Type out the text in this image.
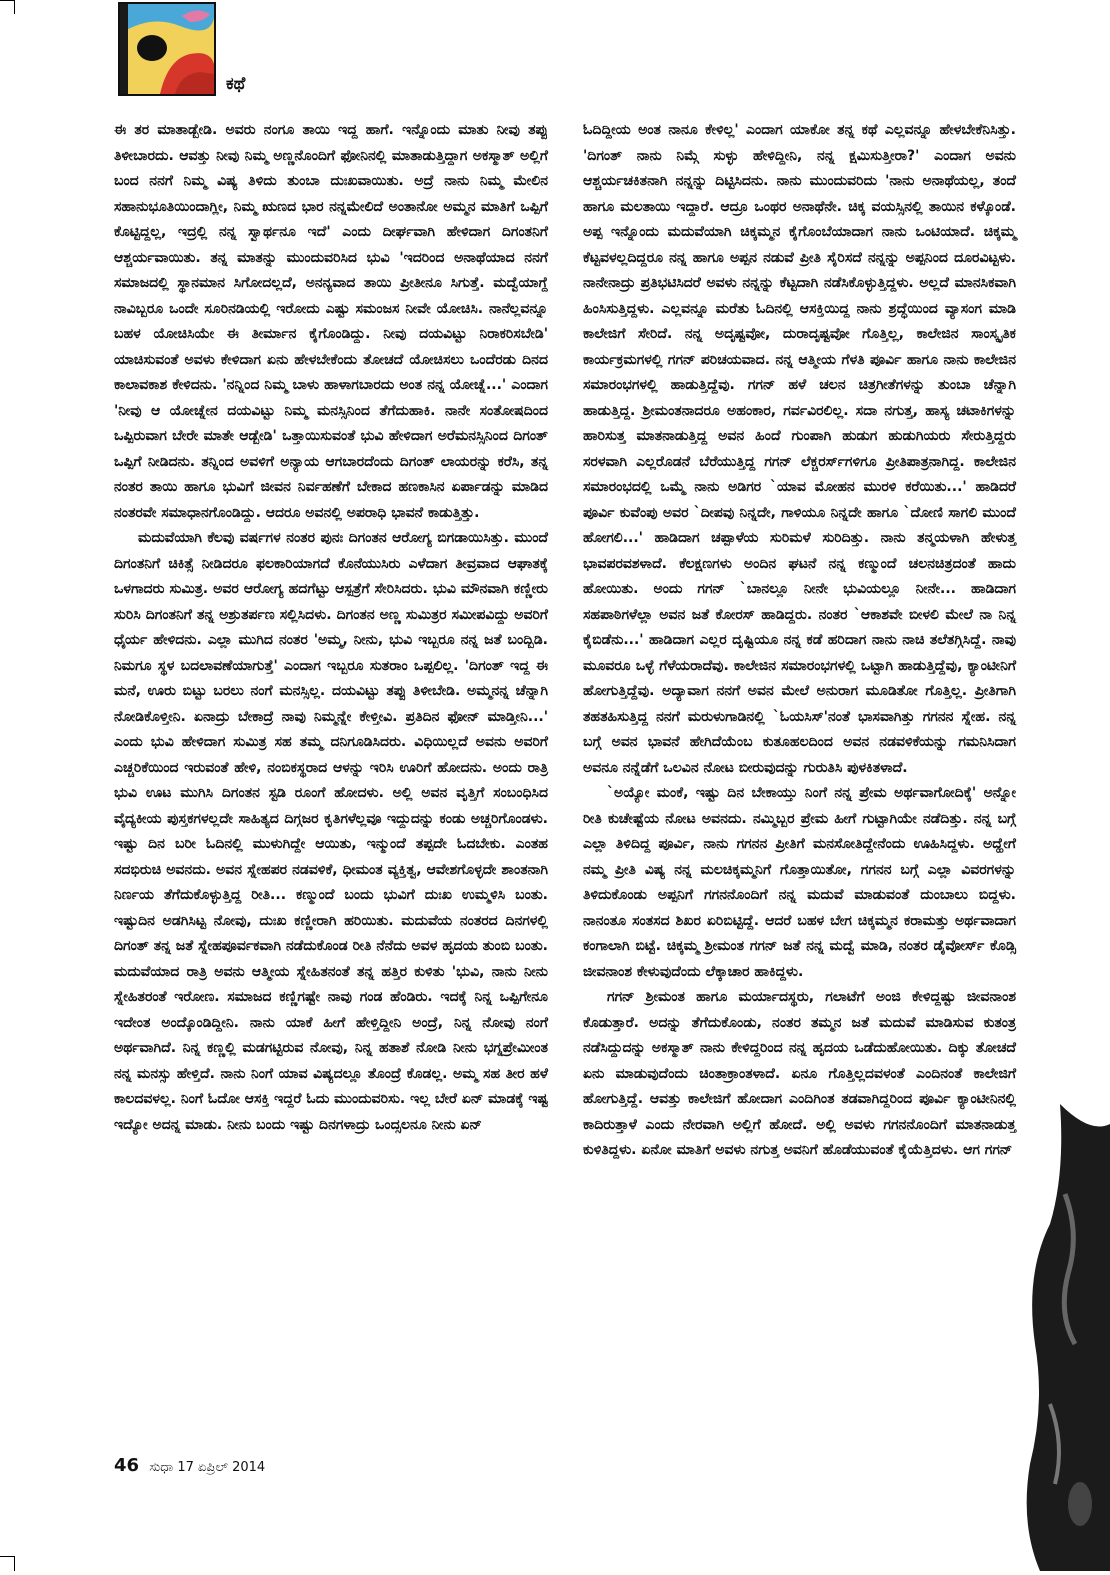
ಕಥೆ

ಈ ತರ ಮಾತಾಡ್ಬೇಡಿ. ಅವರು ನಂಗೂ ತಾಯಿ ಇದ್ದ ಹಾಗೆ. ಇನ್ನೊಂದು ಮಾತು ನೀವು ತಪ್ಪು ತಿಳೀಬಾರದು. ಆವತ್ತು ನೀವು ನಿಮ್ಮ ಅಣ್ಣನೊಂದಿಗೆ ಫೋನಿನಲ್ಲಿ ಮಾತಾಡುತ್ತಿದ್ದಾಗ ಅಕಸ್ಮಾತ್ ಅಲ್ಲಿಗೆ ಬಂದ ನನಗೆ ನಿಮ್ಮ ವಿಷ್ಯ ತಿಳಿದು ತುಂಬಾ ದುಃಖವಾಯಿತು. ಅದ್ರೆ ನಾನು ನಿಮ್ಮ ಮೇಲಿನ ಸಹಾನುಭೂತಿಯಿಂದಾಗ್ಲೀ, ನಿಮ್ಮ ಋಣದ ಭಾರ ನನ್ನಮೇಲಿದೆ ಅಂತಾನೋ ಅಮ್ಮನ ಮಾತಿಗೆ ಒಪ್ಪಿಗೆ ಕೊಟ್ಟಿದ್ದಲ್ಲ, ಇದ್ರಲ್ಲಿ ನನ್ನ ಸ್ವಾರ್ಥನೂ ಇದೆ' ಎಂದು ದೀರ್ಘವಾಗಿ ಹೇಳಿದಾಗ ದಿಗಂತನಿಗೆ ಆಶ್ಚರ್ಯವಾಯಿತು. ತನ್ನ ಮಾತನ್ನು ಮುಂದುವರಿಸಿದ ಭುವಿ 'ಇದರಿಂದ ಅನಾಥೆಯಾದ ನನಗೆ ಸಮಾಜದಲ್ಲಿ ಸ್ಥಾನಮಾನ ಸಿಗೋದಲ್ಲದೆ, ಅನನ್ಯವಾದ ತಾಯಿ ಪ್ರೀತೀನೂ ಸಿಗುತ್ತೆ. ಮದ್ವೆಯಾಗ್ದೆ ನಾವಿಬ್ಬರೂ ಒಂದೇ ಸೂರಿನಡಿಯಲ್ಲಿ ಇರೋದು ಎಷ್ಟು ಸಮಂಜಸ ನೀವೇ ಯೋಚಿಸಿ. ನಾನೆಲ್ಲವನ್ನೂ ಬಹಳ ಯೋಚಿಸಿಯೇ ಈ ತೀರ್ಮಾನ ಕೈಗೊಂಡಿದ್ದು. ನೀವು ದಯವಿಟ್ಟು ನಿರಾಕರಿಸಬೇಡಿ' ಯಾಚಿಸುವಂತೆ ಅವಳು ಕೇಳಿದಾಗ ಏನು ಹೇಳಬೇಕೆಂದು ತೋಚದೆ ಯೋಚಿಸಲು ಒಂದೆರಡು ದಿನದ ಕಾಲಾವಕಾಶ ಕೇಳಿದನು. 'ನನ್ನಿಂದ ನಿಮ್ಮ ಬಾಳು ಹಾಳಾಗಬಾರದು ಅಂತ ನನ್ನ ಯೋಚ್ನೆ...' ಎಂದಾಗ 'ನೀವು ಆ ಯೋಚ್ನೇನ ದಯವಿಟ್ಟು ನಿಮ್ಮ ಮನಸ್ಸಿನಿಂದ ತೆಗೆದುಹಾಕಿ. ನಾನೇ ಸಂತೋಷದಿಂದ ಒಪ್ಪಿರುವಾಗ ಬೇರೇ ಮಾತೇ ಆಡ್ಬೇಡಿ' ಒತ್ತಾಯಿಸುವಂತೆ ಭುವಿ ಹೇಳಿದಾಗ ಅರೆಮನಸ್ಸಿನಿಂದ ದಿಗಂತ್ ಒಪ್ಪಿಗೆ ನೀಡಿದನು. ತನ್ನಿಂದ ಅವಳಿಗೆ ಅನ್ಯಾಯ ಆಗಬಾರದೆಂದು ದಿಗಂತ್ ಲಾಯರನ್ನು ಕರೆಸಿ, ತನ್ನ ನಂತರ ತಾಯಿ ಹಾಗೂ ಭುವಿಗೆ ಜೀವನ ನಿರ್ವಹಣೆಗೆ ಬೇಕಾದ ಹಣಕಾಸಿನ ಏರ್ಪಾಡನ್ನು ಮಾಡಿದ ನಂತರವೇ ಸಮಾಧಾನಗೊಂಡಿದ್ದು. ಆದರೂ ಅವನಲ್ಲಿ ಅಪರಾಧಿ ಭಾವನೆ ಕಾಡುತ್ತಿತ್ತು.

ಮದುವೆಯಾಗಿ ಕೆಲವು ವರ್ಷಗಳ ನಂತರ ಪುನಃ ದಿಗಂತನ ಆರೋಗ್ಯ ಬಿಗಡಾಯಿಸಿತ್ತು. ಮುಂದೆ ದಿಗಂತನಿಗೆ ಚಿಕಿತ್ಸೆ ನೀಡಿದರೂ ಫಲಕಾರಿಯಾಗದೆ ಕೊನೆಯುಸಿರು ಎಳೆದಾಗ ತೀವ್ರವಾದ ಆಘಾತಕ್ಕೆ ಒಳಗಾದರು ಸುಮಿತ್ರ. ಅವರ ಆರೋಗ್ಯ ಹದಗೆಟ್ಟು ಆಸ್ಪತ್ರೆಗೆ ಸೇರಿಸಿದರು. ಭುವಿ ಮೌನವಾಗಿ ಕಣ್ಣೀರು ಸುರಿಸಿ ದಿಗಂತನಿಗೆ ತನ್ನ ಅಶ್ರುತರ್ಪಣ ಸಲ್ಲಿಸಿದಳು. ದಿಗಂತನ ಅಣ್ಣ ಸುಮಿತ್ರರ ಸಮೀಪವಿದ್ದು ಅವರಿಗೆ ಧೈರ್ಯ ಹೇಳಿದನು. ಎಲ್ಲಾ ಮುಗಿದ ನಂತರ 'ಅಮ್ಮ, ನೀನು, ಭುವಿ ಇಬ್ಬರೂ ನನ್ನ ಜತೆ ಬಂದ್ಬಿಡಿ. ನಿಮಗೂ ಸ್ಥಳ ಬದಲಾವಣೆಯಾಗುತ್ತೆ' ಎಂದಾಗ ಇಬ್ಬರೂ ಸುತರಾಂ ಒಪ್ಪಲಿಲ್ಲ. 'ದಿಗಂತ್ ಇದ್ದ ಈ ಮನೆ, ಊರು ಬಿಟ್ಟು ಬರಲು ನಂಗೆ ಮನಸ್ಸಿಲ್ಲ. ದಯವಿಟ್ಟು ತಪ್ಪು ತಿಳೀಬೇಡಿ. ಅಮ್ಮನನ್ನ ಚೆನ್ನಾಗಿ ನೋಡಿಕೊಳ್ತೀನಿ. ಏನಾದ್ರು ಬೇಕಾದ್ರೆ ನಾವು ನಿಮ್ಮನ್ನೇ ಕೇಳ್ತೀವಿ. ಪ್ರತಿದಿನ ಫೋನ್ ಮಾಡ್ತೀನಿ...' ಎಂದು ಭುವಿ ಹೇಳಿದಾಗ ಸುಮಿತ್ರ ಸಹ ತಮ್ಮ ದನಿಗೂಡಿಸಿದರು. ವಿಧಿಯಿಲ್ಲದೆ ಅವನು ಅವರಿಗೆ ಎಚ್ಚರಿಕೆಯಿಂದ ಇರುವಂತೆ ಹೇಳಿ, ನಂಬಿಕಸ್ಥರಾದ ಆಳನ್ನು ಇರಿಸಿ ಊರಿಗೆ ಹೋದನು. ಅಂದು ರಾತ್ರಿ ಭುವಿ ಊಟ ಮುಗಿಸಿ ದಿಗಂತನ ಸ್ಟಡಿ ರೂಂಗೆ ಹೋದಳು. ಅಲ್ಲಿ ಅವನ ವೃತ್ತಿಗೆ ಸಂಬಂಧಿಸಿದ ವೈದ್ಯಕೀಯ ಪುಸ್ತಕಗಳಲ್ಲದೇ ಸಾಹಿತ್ಯದ ದಿಗ್ಗಜರ ಕೃತಿಗಳೆಲ್ಲವೂ ಇದ್ದುದನ್ನು ಕಂಡು ಅಚ್ಚರಿಗೊಂಡಳು. ಇಷ್ಟು ದಿನ ಬರೀ ಓದಿನಲ್ಲಿ ಮುಳುಗಿದ್ದೇ ಆಯಿತು, ಇನ್ಮುಂದೆ ತಪ್ಪದೇ ಓದಬೇಕು. ಎಂತಹ ಸದಭಿರುಚಿ ಅವನದು. ಅವನ ಸ್ನೇಹಪರ ನಡವಳಿಕೆ, ಧೀಮಂತ ವ್ಯಕ್ತಿತ್ವ, ಆವೇಶಗೊಳ್ಳದೇ ಶಾಂತನಾಗಿ ನಿರ್ಣಯ ತೆಗೆದುಕೊಳ್ಳುತ್ತಿದ್ದ ರೀತಿ... ಕಣ್ಮುಂದೆ ಬಂದು ಭುವಿಗೆ ದುಃಖ ಉಮ್ಮಳಿಸಿ ಬಂತು. ಇಷ್ಟುದಿನ ಅಡಗಿಸಿಟ್ಟ ನೋವು, ದುಃಖ ಕಣ್ಣೀರಾಗಿ ಹರಿಯಿತು. ಮದುವೆಯ ನಂತರದ ದಿನಗಳಲ್ಲಿ ದಿಗಂತ್ ತನ್ನ ಜತೆ ಸ್ನೇಹಪೂರ್ವಕವಾಗಿ ನಡೆದುಕೊಂಡ ರೀತಿ ನೆನೆದು ಅವಳ ಹೃದಯ ತುಂಬಿ ಬಂತು. ಮದುವೆಯಾದ ರಾತ್ರಿ ಅವನು ಆತ್ಮೀಯ ಸ್ನೇಹಿತನಂತೆ ತನ್ನ ಹತ್ತಿರ ಕುಳಿತು 'ಭುವಿ, ನಾನು ನೀನು ಸ್ನೇಹಿತರಂತೆ ಇರೋಣ. ಸಮಾಜದ ಕಣ್ಣಿಗಷ್ಟೇ ನಾವು ಗಂಡ ಹೆಂಡಿರು. ಇದಕ್ಕೆ ನಿನ್ನ ಒಪ್ಪಿಗೇನೂ ಇದೇಂತ ಅಂದ್ಕೊಂಡಿದ್ದೀನಿ. ನಾನು ಯಾಕೆ ಹೀಗೆ ಹೇಳ್ತಿದ್ದೀನಿ ಅಂದ್ರೆ, ನಿನ್ನ ನೋವು ನಂಗೆ ಅರ್ಥವಾಗಿದೆ. ನಿನ್ನ ಕಣ್ಣಲ್ಲಿ ಮಡಗಟ್ಟಿರುವ ನೋವು, ನಿನ್ನ ಹತಾಶೆ ನೋಡಿ ನೀನು ಭಗ್ನಪ್ರೇಮೀಂತ ನನ್ನ ಮನಸ್ಸು ಹೇಳ್ತಿದೆ. ನಾನು ನಿಂಗೆ ಯಾವ ವಿಷ್ಯದಲ್ಲೂ ತೊಂದ್ರೆ ಕೊಡಲ್ಲ. ಅಮ್ಮ ಸಹ ತೀರ ಹಳೆ ಕಾಲದವಳಲ್ಲ. ನಿಂಗೆ ಓದೋ ಆಸಕ್ತಿ ಇದ್ದರೆ ಓದು ಮುಂದುವರಿಸು. ಇಲ್ಲ ಬೇರೆ ಏನ್ ಮಾಡಕ್ಕೆ ಇಷ್ಟ ಇದ್ಯೋ ಅದನ್ನ ಮಾಡು. ನೀನು ಬಂದು ಇಷ್ಟು ದಿನಗಳಾದ್ರು ಒಂದ್ಸಲನೂ ನೀನು ಏನ್

ಓದಿದ್ದೀಯ ಅಂತ ನಾನೂ ಕೇಳಿಲ್ಲ' ಎಂದಾಗ ಯಾಕೋ ತನ್ನ ಕಥೆ ಎಲ್ಲವನ್ನೂ ಹೇಳಬೇಕೆನಿಸಿತ್ತು. 'ದಿಗಂತ್ ನಾನು ನಿಮ್ಗೆ ಸುಳ್ಳು ಹೇಳಿದ್ದೀನಿ, ನನ್ನ ಕ್ಷಮಿಸುತ್ತೀರಾ?' ಎಂದಾಗ ಅವನು ಆಶ್ಚರ್ಯಚಕಿತನಾಗಿ ನನ್ನನ್ನು ದಿಟ್ಟಿಸಿದನು. ನಾನು ಮುಂದುವರಿದು 'ನಾನು ಅನಾಥೆಯಲ್ಲ, ತಂದೆ ಹಾಗೂ ಮಲತಾಯಿ ಇದ್ದಾರೆ. ಆದ್ರೂ ಒಂಥರ ಅನಾಥೆನೇ. ಚಿಕ್ಕ ವಯಸ್ಸಿನಲ್ಲಿ ತಾಯಿನ ಕಳ್ಕೊಂಡೆ. ಅಪ್ಪ ಇನ್ನೊಂದು ಮದುವೆಯಾಗಿ ಚಿಕ್ಕಮ್ಮನ ಕೈಗೊಂಬೆಯಾದಾಗ ನಾನು ಒಂಟಿಯಾದೆ. ಚಿಕ್ಕಮ್ಮ ಕೆಟ್ಟವಳಲ್ಲದಿದ್ದರೂ ನನ್ನ ಹಾಗೂ ಅಪ್ಪನ ನಡುವೆ ಪ್ರೀತಿ ಸೈರಿಸದೆ ನನ್ನನ್ನು ಅಪ್ಪನಿಂದ ದೂರವಿಟ್ಟಳು. ನಾನೇನಾದ್ರು ಪ್ರತಿಭಟಿಸಿದರೆ ಅವಳು ನನ್ನನ್ನು ಕೆಟ್ಟದಾಗಿ ನಡೆಸಿಕೊಳ್ಳುತ್ತಿದ್ದಳು. ಅಲ್ಲದೆ ಮಾನಸಿಕವಾಗಿ ಹಿಂಸಿಸುತ್ತಿದ್ದಳು. ಎಲ್ಲವನ್ನೂ ಮರೆತು ಓದಿನಲ್ಲಿ ಆಸಕ್ತಿಯಿದ್ದ ನಾನು ಶ್ರದ್ಧೆಯಿಂದ ವ್ಯಾಸಂಗ ಮಾಡಿ ಕಾಲೇಜಿಗೆ ಸೇರಿದೆ. ನನ್ನ ಅದೃಷ್ಟವೋ, ದುರಾದೃಷ್ಟವೋ ಗೊತ್ತಿಲ್ಲ, ಕಾಲೇಜಿನ ಸಾಂಸ್ಕೃತಿಕ ಕಾರ್ಯಕ್ರಮಗಳಲ್ಲಿ ಗಗನ್ ಪರಿಚಯವಾದ. ನನ್ನ ಆತ್ಮೀಯ ಗೆಳತಿ ಪೂರ್ವಿ ಹಾಗೂ ನಾನು ಕಾಲೇಜಿನ ಸಮಾರಂಭಗಳಲ್ಲಿ ಹಾಡುತ್ತಿದ್ದೆವು. ಗಗನ್ ಹಳೆ ಚಲನ ಚಿತ್ರಗೀತೆಗಳನ್ನು ತುಂಬಾ ಚೆನ್ನಾಗಿ ಹಾಡುತ್ತಿದ್ದ. ಶ್ರೀಮಂತನಾದರೂ ಅಹಂಕಾರ, ಗರ್ವವಿರಲಿಲ್ಲ. ಸದಾ ನಗುತ್ತ, ಹಾಸ್ಯ ಚಟಾಕಿಗಳನ್ನು ಹಾರಿಸುತ್ತ ಮಾತನಾಡುತ್ತಿದ್ದ ಅವನ ಹಿಂದೆ ಗುಂಪಾಗಿ ಹುಡುಗ ಹುಡುಗಿಯರು ಸೇರುತ್ತಿದ್ದರು ಸರಳವಾಗಿ ಎಲ್ಲರೊಡನೆ ಬೆರೆಯುತ್ತಿದ್ದ ಗಗನ್ ಲೆಕ್ಚರರ್ಸ್‌ಗಳಿಗೂ ಪ್ರೀತಿಪಾತ್ರನಾಗಿದ್ದ. ಕಾಲೇಜಿನ ಸಮಾರಂಭದಲ್ಲಿ ಒಮ್ಮೆ ನಾನು ಅಡಿಗರ `ಯಾವ ಮೋಹನ ಮುರಳಿ ಕರೆಯಿತು...' ಹಾಡಿದರೆ ಪೂರ್ವಿ ಕುವೆಂಪು ಅವರ `ದೀಪವು ನಿನ್ನದೇ, ಗಾಳಿಯೂ ನಿನ್ನದೇ ಹಾಗೂ `ದೋಣಿ ಸಾಗಲಿ ಮುಂದೆ ಹೋಗಲಿ...' ಹಾಡಿದಾಗ ಚಪ್ಪಾಳೆಯ ಸುರಿಮಳೆ ಸುರಿದಿತ್ತು. ನಾನು ತನ್ಮಯಳಾಗಿ ಹೇಳುತ್ತ ಭಾವಪರವಶಳಾದೆ. ಕೆಲಕ್ಷಣಗಳು ಅಂದಿನ ಘಟನೆ ನನ್ನ ಕಣ್ಮುಂದೆ ಚಲನಚಿತ್ರದಂತೆ ಹಾದು ಹೋಯಿತು. ಅಂದು ಗಗನ್ `ಬಾನಲ್ಲೂ ನೀನೇ ಭುವಿಯಲ್ಲೂ ನೀನೇ... ಹಾಡಿದಾಗ ಸಹಪಾಠಿಗಳೆಲ್ಲಾ ಅವನ ಜತೆ ಕೋರಸ್ ಹಾಡಿದ್ದರು. ನಂತರ `ಆಕಾಶವೇ ಬೀಳಲಿ ಮೇಲೆ ನಾ ನಿನ್ನ ಕೈಬಿಡೆನು...' ಹಾಡಿದಾಗ ಎಲ್ಲರ ದೃಷ್ಟಿಯೂ ನನ್ನ ಕಡೆ ಹರಿದಾಗ ನಾನು ನಾಚಿ ತಲೆತಗ್ಗಿಸಿದ್ದೆ. ನಾವು ಮೂವರೂ ಒಳ್ಳೆ ಗೆಳೆಯರಾದೆವು. ಕಾಲೇಜಿನ ಸಮಾರಂಭಗಳಲ್ಲಿ ಒಟ್ಟಾಗಿ ಹಾಡುತ್ತಿದ್ದೆವು, ಕ್ಯಾಂಟೀನಿಗೆ ಹೋಗುತ್ತಿದ್ದೆವು. ಅದ್ಯಾವಾಗ ನನಗೆ ಅವನ ಮೇಲೆ ಅನುರಾಗ ಮೂಡಿತೋ ಗೊತ್ತಿಲ್ಲ. ಪ್ರೀತಿಗಾಗಿ ತಹತಹಿಸುತ್ತಿದ್ದ ನನಗೆ ಮರುಳುಗಾಡಿನಲ್ಲಿ `ಓಯಸಿಸ್'ನಂತೆ ಭಾಸವಾಗಿತ್ತು ಗಗನನ ಸ್ನೇಹ. ನನ್ನ ಬಗ್ಗೆ ಅವನ ಭಾವನೆ ಹೇಗಿದೆಯೆಂಬ ಕುತೂಹಲದಿಂದ ಅವನ ನಡವಳಿಕೆಯನ್ನು ಗಮನಿಸಿದಾಗ ಅವನೂ ನನ್ನೆಡೆಗೆ ಒಲವಿನ ನೋಟ ಬೀರುವುದನ್ನು ಗುರುತಿಸಿ ಪುಳಕಿತಳಾದೆ.

`ಅಯ್ಯೋ ಮಂಕೆ, ಇಷ್ಟು ದಿನ ಬೇಕಾಯ್ತು ನಿಂಗೆ ನನ್ನ ಪ್ರೇಮ ಅರ್ಥವಾಗೋದಿಕ್ಕೆ' ಅನ್ನೋ ರೀತಿ ಕುಚೇಷ್ಟೆಯ ನೋಟ ಅವನದು. ನಮ್ಮಿಬ್ಬರ ಪ್ರೇಮ ಹೀಗೆ ಗುಟ್ಟಾಗಿಯೇ ನಡೆದಿತ್ತು. ನನ್ನ ಬಗ್ಗೆ ಎಲ್ಲಾ ತಿಳಿದಿದ್ದ ಪೂರ್ವಿ, ನಾನು ಗಗನನ ಪ್ರೀತಿಗೆ ಮನಸೋತಿದ್ದೇನೆಂದು ಊಹಿಸಿದ್ದಳು. ಅದ್ಹೇಗೆ ನಮ್ಮ ಪ್ರೀತಿ ವಿಷ್ಯ ನನ್ನ ಮಲಚಿಕ್ಕಮ್ಮನಿಗೆ ಗೊತ್ತಾಯಿತೋ, ಗಗನನ ಬಗ್ಗೆ ಎಲ್ಲಾ ವಿವರಗಳನ್ನು ತಿಳಿದುಕೊಂಡು ಅಪ್ಪನಿಗೆ ಗಗನನೊಂದಿಗೆ ನನ್ನ ಮದುವೆ ಮಾಡುವಂತೆ ದುಂಬಾಲು ಬಿದ್ದಳು. ನಾನಂತೂ ಸಂತಸದ ಶಿಖರ ಏರಿಬಿಟ್ಟಿದ್ದೆ. ಆದರೆ ಬಹಳ ಬೇಗ ಚಿಕ್ಕಮ್ಮನ ಕರಾಮತ್ತು ಅರ್ಥವಾದಾಗ ಕಂಗಾಲಾಗಿ ಬಿಟ್ಟೆ. ಚಿಕ್ಕಮ್ಮ ಶ್ರೀಮಂತ ಗಗನ್ ಜತೆ ನನ್ನ ಮದ್ವೆ ಮಾಡಿ, ನಂತರ ಡೈವೋರ್ಸ್ ಕೊಡ್ಸಿ ಜೀವನಾಂಶ ಕೇಳುವುದೆಂದು ಲೆಕ್ಕಾಚಾರ ಹಾಕಿದ್ದಳು.

ಗಗನ್ ಶ್ರೀಮಂತ ಹಾಗೂ ಮರ್ಯಾದಸ್ಥರು, ಗಲಾಟೆಗೆ ಅಂಜಿ ಕೇಳಿದ್ದಷ್ಟು ಜೀವನಾಂಶ ಕೊಡುತ್ತಾರೆ. ಅದನ್ನು ತೆಗೆದುಕೊಂಡು, ನಂತರ ತಮ್ಮನ ಜತೆ ಮದುವೆ ಮಾಡಿಸುವ ಕುತಂತ್ರ ನಡೆಸಿದ್ದುದನ್ನು ಅಕಸ್ಮಾತ್ ನಾನು ಕೇಳಿದ್ದರಿಂದ ನನ್ನ ಹೃದಯ ಒಡೆದುಹೋಯಿತು. ದಿಕ್ಕು ತೋಚದೆ ಏನು ಮಾಡುವುದೆಂದು ಚಿಂತಾಕ್ರಾಂತಳಾದೆ. ಏನೂ ಗೊತ್ತಿಲ್ಲದವಳಂತೆ ಎಂದಿನಂತೆ ಕಾಲೇಜಿಗೆ ಹೋಗುತ್ತಿದ್ದೆ. ಆವತ್ತು ಕಾಲೇಜಿಗೆ ಹೋದಾಗ ಎಂದಿಗಿಂತ ತಡವಾಗಿದ್ದರಿಂದ ಪೂರ್ವಿ ಕ್ಯಾಂಟೀನಿನಲ್ಲಿ ಕಾದಿರುತ್ತಾಳೆ ಎಂದು ನೇರವಾಗಿ ಅಲ್ಲಿಗೆ ಹೋದೆ. ಅಲ್ಲಿ ಅವಳು ಗಗನನೊಂದಿಗೆ ಮಾತನಾಡುತ್ತ ಕುಳಿತಿದ್ದಳು. ಏನೋ ಮಾತಿಗೆ ಅವಳು ನಗುತ್ತ ಅವನಿಗೆ ಹೊಡೆಯುವಂತೆ ಕೈಯೆತ್ತಿದಳು. ಆಗ ಗಗನ್

46 ಸುಧಾ 17 ಏಪ್ರಿಲ್ 2014
